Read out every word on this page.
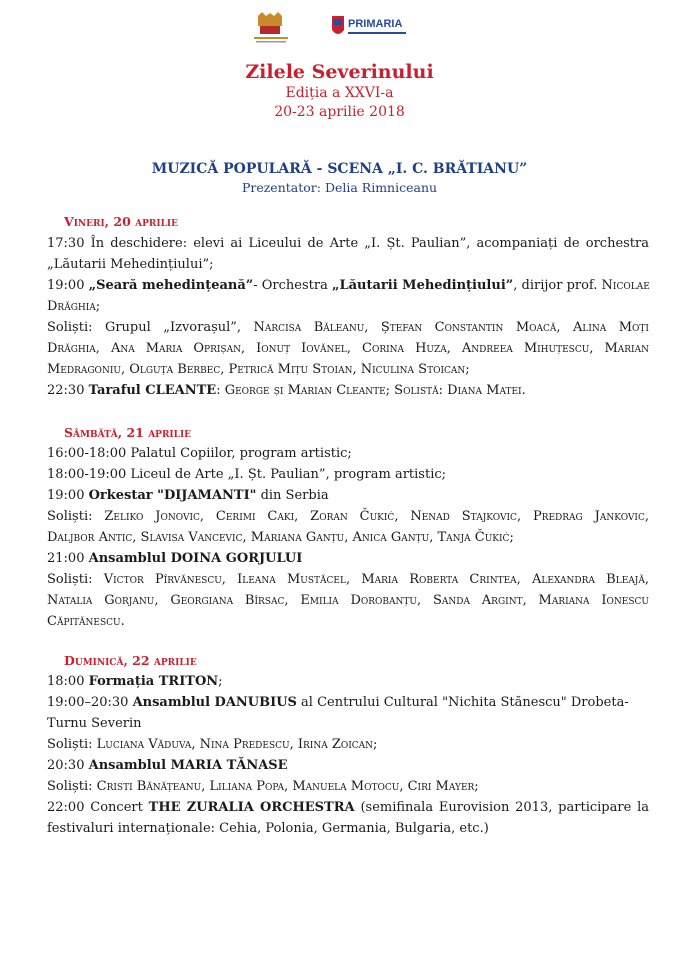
PRIMARIA
Zilele Severinului
Ediția a XXVI-a
20-23 aprilie 2018
MUZICĂ POPULARĂ - SCENA „I. C. BRĂTIANU”
Prezentator: Delia Rimniceanu
Vineri, 20 aprilie
17:30 În deschidere: elevi ai Liceului de Arte „I. Șt. Paulian”, acompaniați de orchestra
„Lăutarii Mehedințiului”;
19:00 „Seară mehedințeană”- Orchestra „Lăutarii Mehedințiului”, dirijor prof. Nicolae
Drăghia;
Soliști: Grupul „Izvorașul”, Narcisa Băleanu, Ștefan Constantin Moacă, Alina Moți
Drăghia, Ana Maria Oprișan, Ionuț Iovănel, Corina Huza, Andreea Mihuțescu, Marian
Medragoniu, Olguța Berbec, Petrică Mițu Stoian, Niculina Stoican;
22:30 Taraful CLEANTE: George și Marian Cleante; Solistă: Diana Matei.
Sâmbătă, 21 aprilie
16:00-18:00 Palatul Copiilor, program artistic;
18:00-19:00 Liceul de Arte „I. Șt. Paulian”, program artistic;
19:00 Orkestar "DIJAMANTI" din Serbia
Soliști: Zeliko Jonovic, Cerimi Caki, Zoran Čukić, Nenad Stajkovic, Predrag Jankovic,
Daljbor Antic, Slavisa Vancevic, Mariana Ganțu, Anica Ganțu, Tanja Čukić;
21:00 Ansamblul DOINA GORJULUI
Soliști: Victor Pîrvănescu, Ileana Mustăcel, Maria Roberta Crintea, Alexandra Bleajă,
Natalia Gorjanu, Georgiana Bîrsac, Emilia Dorobanțu, Sanda Argint, Mariana Ionescu
Căpitănescu.
Duminică, 22 aprilie
18:00 Formația TRITON;
19:00–20:30 Ansamblul DANUBIUS al Centrului Cultural "Nichita Stănescu" Drobeta-
Turnu Severin
Soliști: Luciana Văduva, Nina Predescu, Irina Zoican;
20:30 Ansamblul MARIA TĂNASE
Soliști: Cristi Bănățeanu, Liliana Popa, Manuela Motocu, Ciri Mayer;
22:00 Concert THE ZURALIA ORCHESTRA (semifinala Eurovision 2013, participare la
festivaluri internaționale: Cehia, Polonia, Germania, Bulgaria, etc.)
